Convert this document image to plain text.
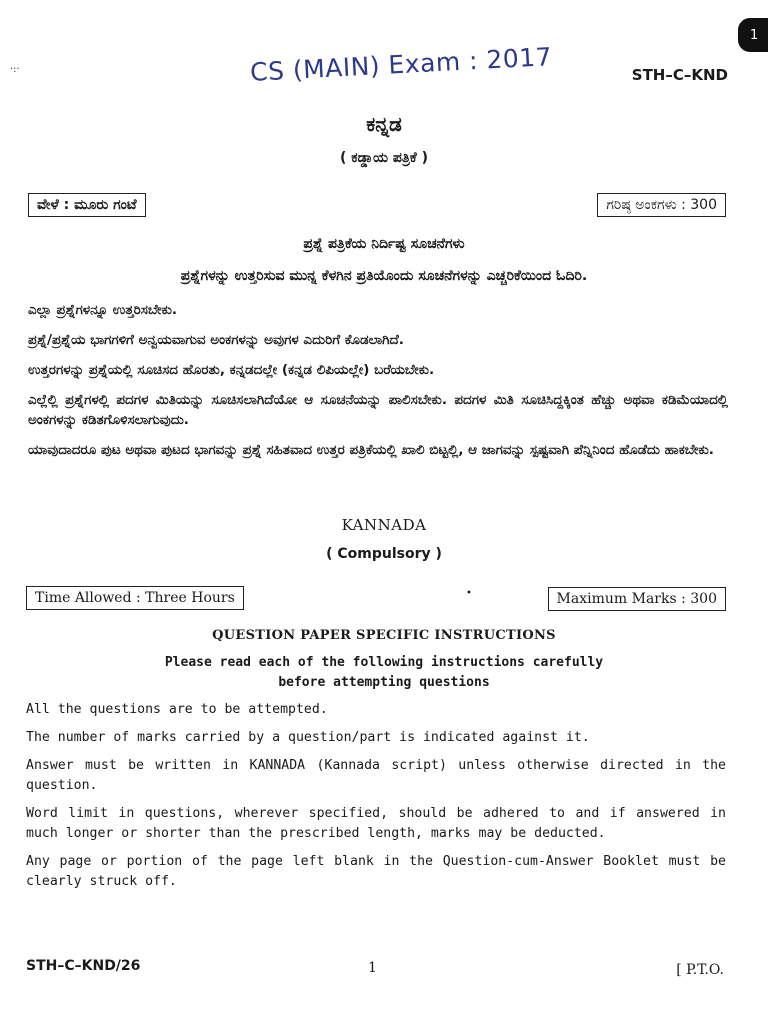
1
·:·	CS (MAIN) Exam : 2017	STH–C–KND
ಕನ್ನಡ
( ಕಡ್ಡಾಯ ಪತ್ರಿಕೆ )
ವೇಳೆ : ಮೂರು ಗಂಟೆ	ಗರಿಷ್ಠ ಅಂಕಗಳು : 300
ಪ್ರಶ್ನೆ ಪತ್ರಿಕೆಯ ನಿರ್ದಿಷ್ಟ ಸೂಚನೆಗಳು
ಪ್ರಶ್ನೆಗಳನ್ನು ಉತ್ತರಿಸುವ ಮುನ್ನ ಕೆಳಗಿನ ಪ್ರತಿಯೊಂದು ಸೂಚನೆಗಳನ್ನು ಎಚ್ಚರಿಕೆಯಿಂದ ಓದಿರಿ.

ಎಲ್ಲಾ ಪ್ರಶ್ನೆಗಳನ್ನೂ ಉತ್ತರಿಸಬೇಕು.

ಪ್ರಶ್ನೆ/ಪ್ರಶ್ನೆಯ ಭಾಗಗಳಿಗೆ ಅನ್ವಯವಾಗುವ ಅಂಕಗಳನ್ನು ಅವುಗಳ ಎದುರಿಗೆ ಕೊಡಲಾಗಿದೆ.

ಉತ್ತರಗಳನ್ನು ಪ್ರಶ್ನೆಯಲ್ಲಿ ಸೂಚಿಸದ ಹೊರತು, ಕನ್ನಡದಲ್ಲೇ (ಕನ್ನಡ ಲಿಪಿಯಲ್ಲೇ) ಬರೆಯಬೇಕು.

ಎಲ್ಲೆಲ್ಲಿ ಪ್ರಶ್ನೆಗಳಲ್ಲಿ ಪದಗಳ ಮಿತಿಯನ್ನು ಸೂಚಿಸಲಾಗಿದೆಯೋ ಆ ಸೂಚನೆಯನ್ನು ಪಾಲಿಸಬೇಕು. ಪದಗಳ ಮಿತಿ ಸೂಚಿಸಿದ್ದಕ್ಕಿಂತ ಹೆಚ್ಚು ಅಥವಾ ಕಡಿಮೆಯಾದಲ್ಲಿ ಅಂಕಗಳನ್ನು ಕಡಿತಗೊಳಿಸಲಾಗುವುದು.

ಯಾವುದಾದರೂ ಪುಟ ಅಥವಾ ಪುಟದ ಭಾಗವನ್ನು ಪ್ರಶ್ನೆ ಸಹಿತವಾದ ಉತ್ತರ ಪತ್ರಿಕೆಯಲ್ಲಿ ಖಾಲಿ ಬಿಟ್ಟಲ್ಲಿ, ಆ ಜಾಗವನ್ನು ಸ್ಪಷ್ಟವಾಗಿ ಪೆನ್ನಿನಿಂದ ಹೊಡೆದು ಹಾಕಬೇಕು.

KANNADA
( Compulsory )
Time Allowed : Three Hours	•	Maximum Marks : 300
QUESTION PAPER SPECIFIC INSTRUCTIONS
Please read each of the following instructions carefully
before attempting questions

All the questions are to be attempted.

The number of marks carried by a question/part is indicated against it.

Answer must be written in KANNADA (Kannada script) unless otherwise directed in the question.

Word limit in questions, wherever specified, should be adhered to and if answered in much longer or shorter than the prescribed length, marks may be deducted.

Any page or portion of the page left blank in the Question-cum-Answer Booklet must be clearly struck off.

STH–C–KND/26	1	[ P.T.O.
